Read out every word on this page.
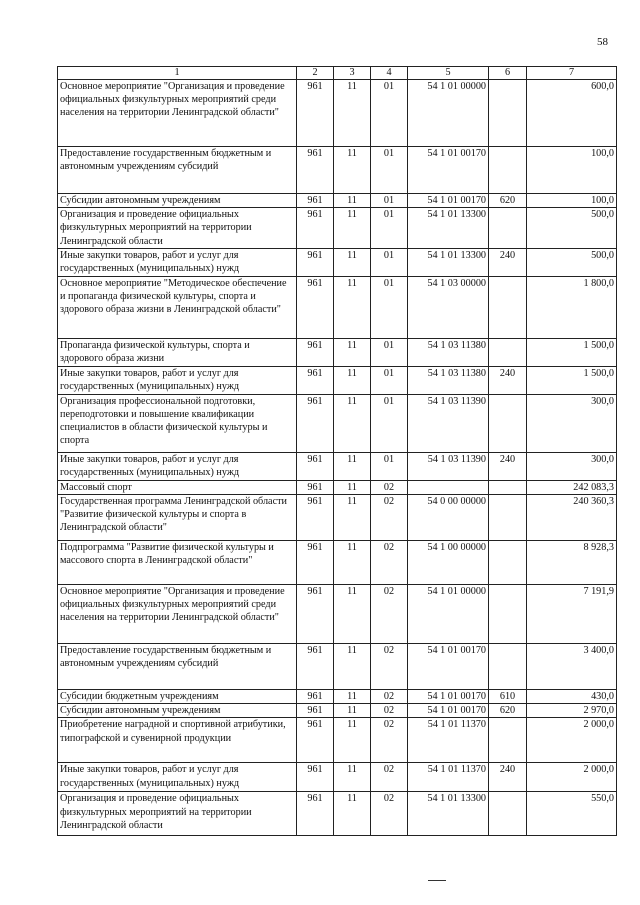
58
1	2	3	4	5	6	7
Основное мероприятие "Организация и проведение официальных физкультурных мероприятий среди населения на территории Ленинградской области"	961	11	01	54 1 01 00000		600,0
Предоставление государственным бюджетным и автономным учреждениям субсидий	961	11	01	54 1 01 00170		100,0
Субсидии автономным учреждениям	961	11	01	54 1 01 00170	620	100,0
Организация и проведение официальных физкультурных мероприятий на территории Ленинградской области	961	11	01	54 1 01 13300		500,0
Иные закупки товаров, работ и услуг для государственных (муниципальных) нужд	961	11	01	54 1 01 13300	240	500,0
Основное мероприятие "Методическое обеспечение и пропаганда физической культуры, спорта и здорового образа жизни в Ленинградской области"	961	11	01	54 1 03 00000		1 800,0
Пропаганда физической культуры, спорта и здорового образа жизни	961	11	01	54 1 03 11380		1 500,0
Иные закупки товаров, работ и услуг для государственных (муниципальных) нужд	961	11	01	54 1 03 11380	240	1 500,0
Организация профессиональной подготовки, переподготовки и повышение квалификации специалистов в области физической культуры и спорта	961	11	01	54 1 03 11390		300,0
Иные закупки товаров, работ и услуг для государственных (муниципальных) нужд	961	11	01	54 1 03 11390	240	300,0
Массовый спорт	961	11	02			242 083,3
Государственная программа Ленинградской области "Развитие физической культуры и спорта в Ленинградской области"	961	11	02	54 0 00 00000		240 360,3
Подпрограмма "Развитие физической культуры и массового спорта в Ленинградской области"	961	11	02	54 1 00 00000		8 928,3
Основное мероприятие "Организация и проведение официальных физкультурных мероприятий среди населения на территории Ленинградской области"	961	11	02	54 1 01 00000		7 191,9
Предоставление государственным бюджетным и автономным учреждениям субсидий	961	11	02	54 1 01 00170		3 400,0
Субсидии бюджетным учреждениям	961	11	02	54 1 01 00170	610	430,0
Субсидии автономным учреждениям	961	11	02	54 1 01 00170	620	2 970,0
Приобретение наградной и спортивной атрибутики, типографской и сувенирной продукции	961	11	02	54 1 01 11370		2 000,0
Иные закупки товаров, работ и услуг для государственных (муниципальных) нужд	961	11	02	54 1 01 11370	240	2 000,0
Организация и проведение официальных физкультурных мероприятий на территории Ленинградской области	961	11	02	54 1 01 13300		550,0
